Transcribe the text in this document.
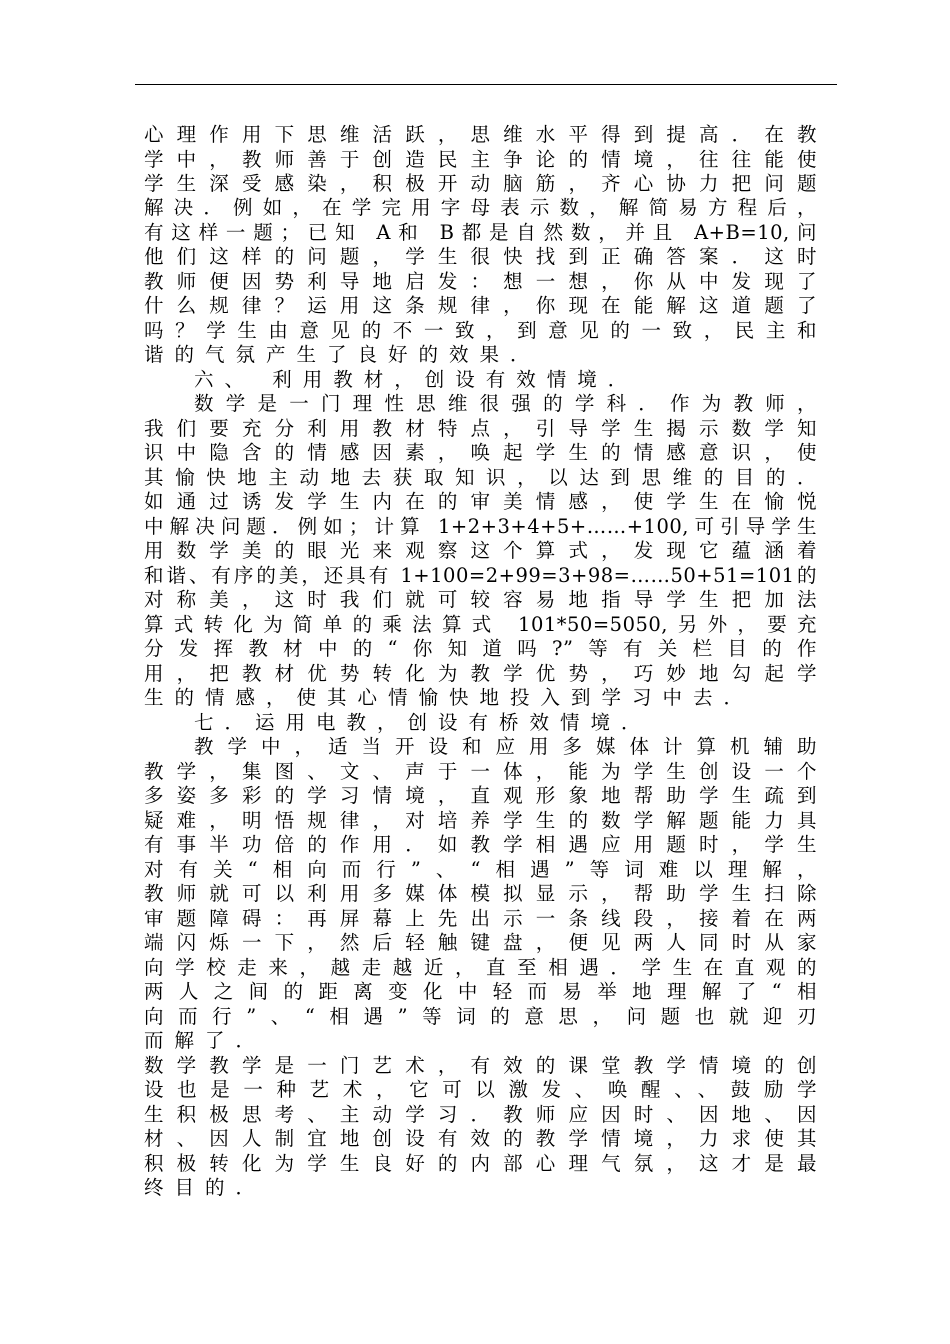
心理作用下思维活跃，思维水平得到提高．在教
学中，教师善于创造民主争论的情境，往往能使
学生深受感染，积极开动脑筋，齐心协力把问题
解决．例如，在学完用字母表示数，解简易方程后，
有这样一题；已知 A和 B都是自然数，并且 A+B=10,问
他们这样的问题，学生很快找到正确答案．这时
教师便因势利导地启发：想一想，你从中发现了
什么规律？运用这条规律，你现在能解这道题了
吗？学生由意见的不一致，到意见的一致，民主和
谐的气氛产生了良好的效果．
六、 利用教材，创设有效情境．
数学是一门理性思维很强的学科．作为教师，
我们要充分利用教材特点，引导学生揭示数学知
识中隐含的情感因素，唤起学生的情感意识，使
其愉快地主动地去获取知识，以达到思维的目的．
如通过诱发学生内在的审美情感，使学生在愉悦
中解决问题．例如；计算 1+2+3+4+5+……+100,可引导学生
用数学美的眼光来观察这个算式，发现它蕴涵着
和谐、有序的美，还具有 1+100=2+99=3+98=……50+51=101的
对称美，这时我们就可较容易地指导学生把加法
算式转化为简单的乘法算式 101*50=5050,另外，要充
分发挥教材中的“你知道吗?”等有关栏目的作
用，把教材优势转化为教学优势，巧妙地勾起学
生的情感，使其心情愉快地投入到学习中去．
七．运用电教，创设有桥效情境．
教学中，适当开设和应用多媒体计算机辅助
教学，集图、文、声于一体，能为学生创设一个
多姿多彩的学习情境，直观形象地帮助学生疏到
疑难，明悟规律，对培养学生的数学解题能力具
有事半功倍的作用．如教学相遇应用题时，学生
对有关“相向而行”、“相遇”等词难以理解，
教师就可以利用多媒体模拟显示，帮助学生扫除
审题障碍：再屏幕上先出示一条线段，接着在两
端闪烁一下，然后轻触键盘，便见两人同时从家
向学校走来，越走越近，直至相遇．学生在直观的
两人之间的距离变化中轻而易举地理解了“相
向而行”、“相遇”等词的意思，问题也就迎刃
而解了．
数学教学是一门艺术，有效的课堂教学情境的创
设也是一种艺术，它可以激发、唤醒、、鼓励学
生积极思考、主动学习．教师应因时、因地、因
材、因人制宜地创设有效的教学情境，力求使其
积极转化为学生良好的内部心理气氛，这才是最
终目的．
